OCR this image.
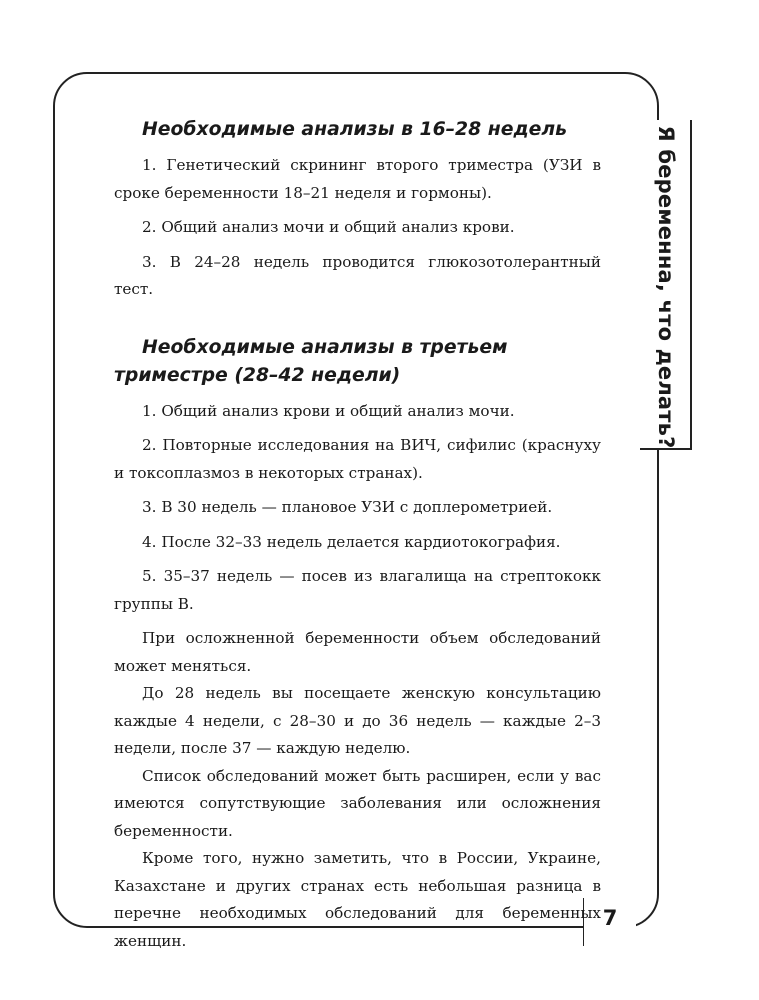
Я беременна, что делать?
7
Необходимые анализы в 16–28 недель

1. Генетический скрининг второго триместра (УЗИ в сроке беременности 18–21 неделя и гормоны).

2. Общий анализ мочи и общий анализ крови.

3. В 24–28 недель проводится глюкозотолерантный тест.

Необходимые анализы в третьем триместре (28–42 недели)

1. Общий анализ крови и общий анализ мочи.

2. Повторные исследования на ВИЧ, сифилис (краснуху и токсоплазмоз в некоторых странах).

3. В 30 недель — плановое УЗИ с доплерометрией.

4. После 32–33 недель делается кардиотокография.

5. 35–37 недель — посев из влагалища на стрептококк группы B.

При осложненной беременности объем обследований может меняться.

До 28 недель вы посещаете женскую консультацию каждые 4 недели, с 28–30 и до 36 недель — каждые 2–3 недели, после 37 — каждую неделю.

Список обследований может быть расширен, если у вас имеются сопутствующие заболевания или осложнения беременности.

Кроме того, нужно заметить, что в России, Украине, Казахстане и других странах есть небольшая разница в перечне необходимых обследований для беременных женщин.
